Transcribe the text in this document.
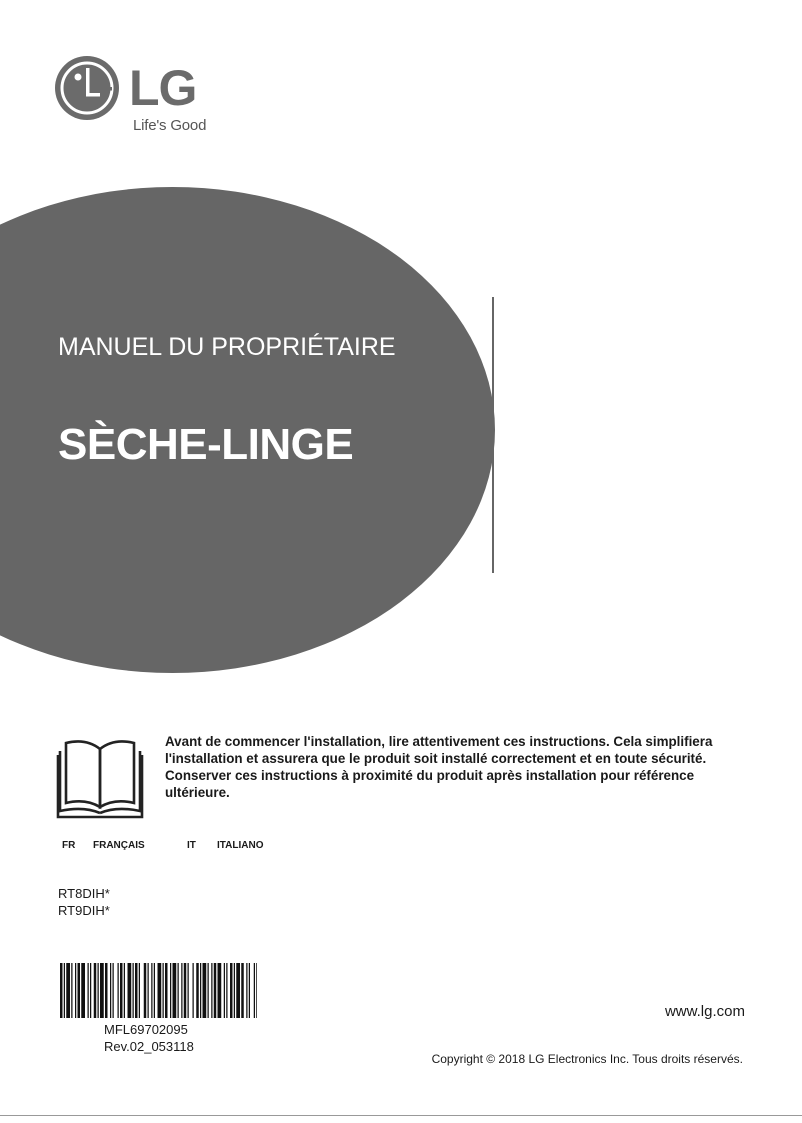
LG
Life's Good
MANUEL DU PROPRIÉTAIRE
SÈCHE-LINGE
Avant de commencer l'installation, lire attentivement ces instructions. Cela simplifiera l'installation et assurera que le produit soit installé correctement et en toute sécurité. Conserver ces instructions à proximité du produit après installation pour référence ultérieure.
FR FRANÇAIS	IT ITALIANO
RT8DIH*
RT9DIH*
MFL69702095
Rev.02_053118
www.lg.com
Copyright © 2018 LG Electronics Inc. Tous droits réservés.
